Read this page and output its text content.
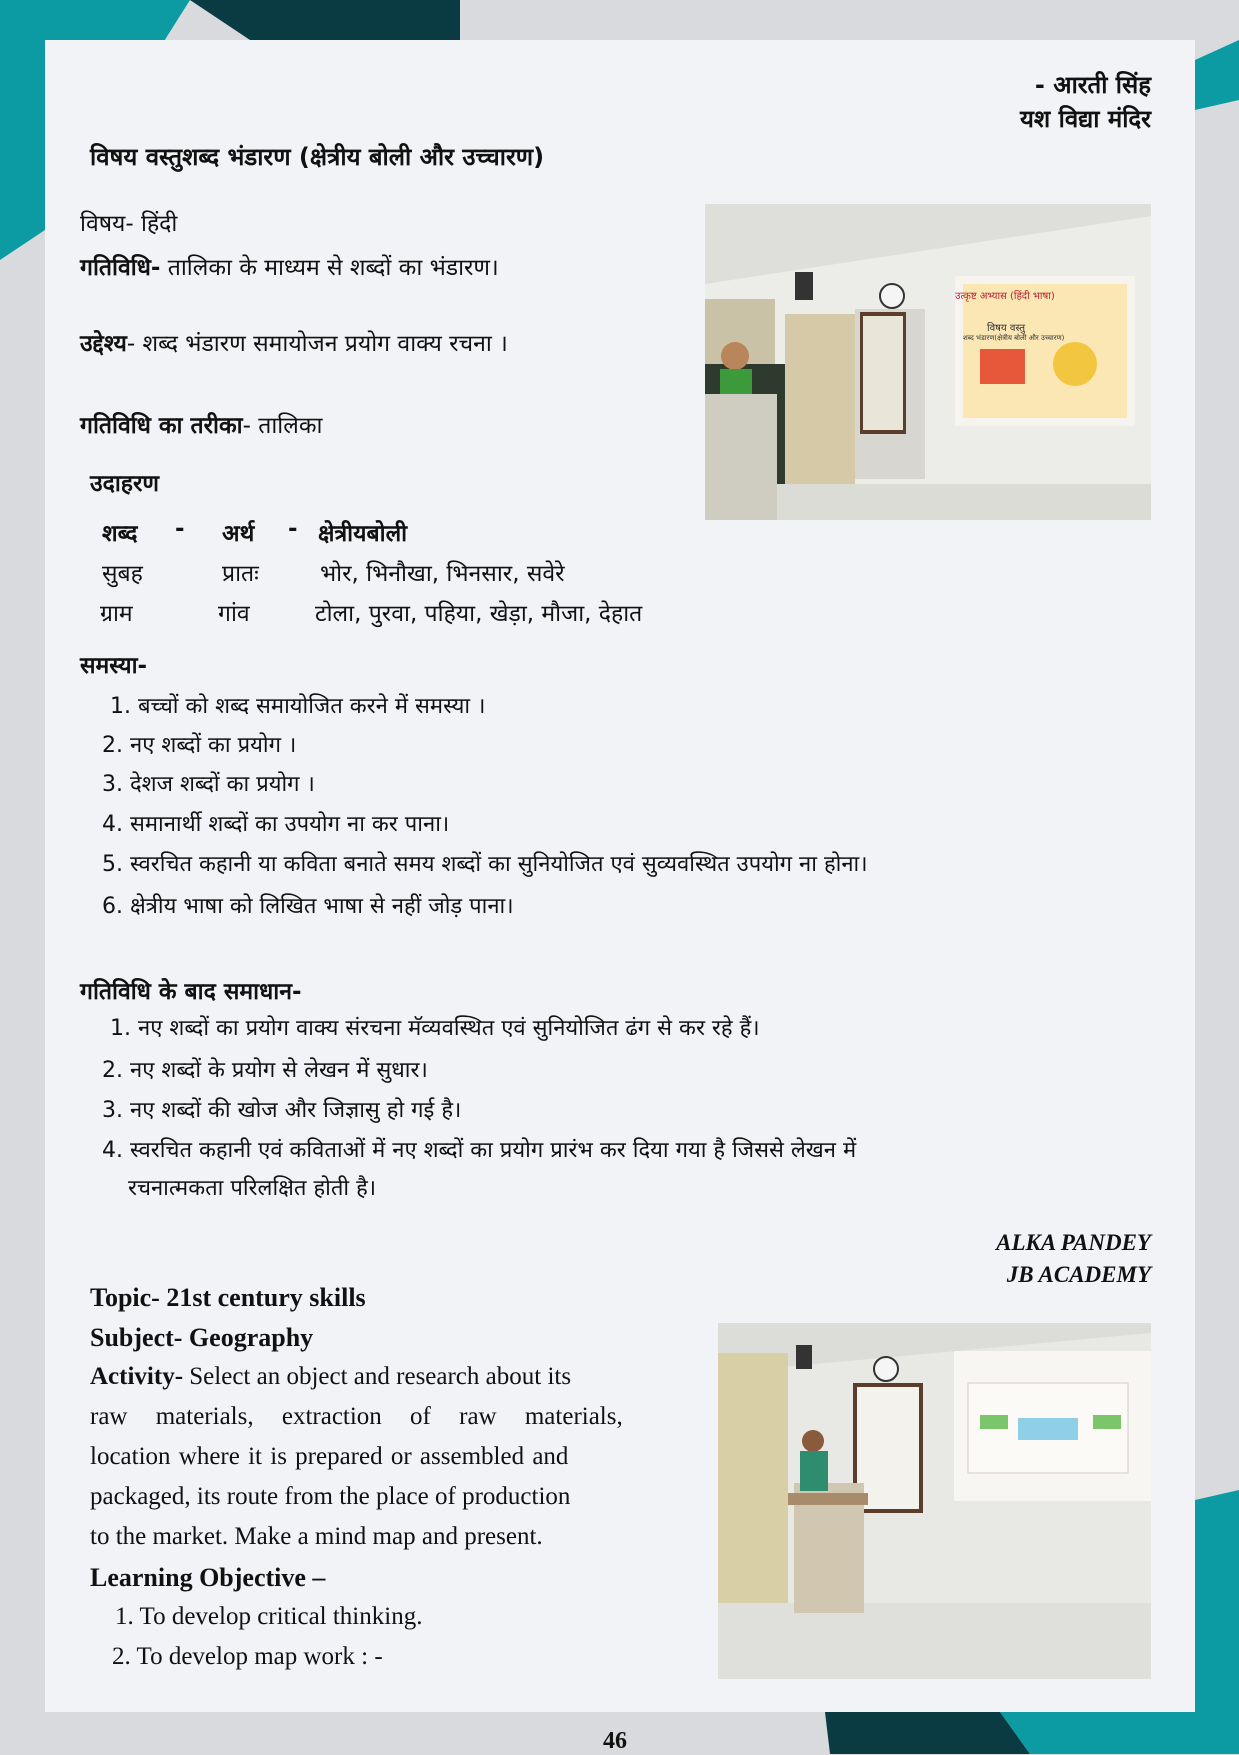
- आरती सिंह
यश विद्या मंदिर
विषय वस्तुशब्द भंडारण (क्षेत्रीय बोली और उच्चारण)
विषय- हिंदी
गतिविधि- तालिका के माध्यम से शब्दों का भंडारण।
उद्देश्य- शब्द भंडारण समायोजन प्रयोग वाक्य रचना ।
गतिविधि का तरीका- तालिका
उदाहरण
शब्द - अर्थ - क्षेत्रीयबोली
सुबह	प्रातः	भोर, भिनौखा, भिनसार, सवेरे
ग्राम	गांव	टोला, पुरवा, पहिया, खेड़ा, मौजा, देहात
समस्या-
1. बच्चों को शब्द समायोजित करने में समस्या ।
2. नए शब्दों का प्रयोग ।
3. देशज शब्दों का प्रयोग ।
4. समानार्थी शब्दों का उपयोग ना कर पाना।
5. स्वरचित कहानी या कविता बनाते समय शब्दों का सुनियोजित एवं सुव्यवस्थित उपयोग ना होना।
6. क्षेत्रीय भाषा को लिखित भाषा से नहीं जोड़ पाना।
गतिविधि के बाद समाधान-
1. नए शब्दों का प्रयोग वाक्य संरचना मॅव्यवस्थित एवं सुनियोजित ढंग से कर रहे हैं।
2. नए शब्दों के प्रयोग से लेखन में सुधार।
3. नए शब्दों की खोज और जिज्ञासु हो गई है।
4. स्वरचित कहानी एवं कविताओं में नए शब्दों का प्रयोग प्रारंभ कर दिया गया है जिससे लेखन में
रचनात्मकता परिलक्षित होती है।
उत्कृष्ट अभ्यास (हिंदी भाषा)
विषय वस्तु
शब्द भंडारण(क्षेत्रीय बोली और उच्चारण)
ALKA PANDEY
JB ACADEMY
Topic- 21st century skills
Subject- Geography
Activity- Select an object and research about its
raw materials, extraction of raw materials,
location where it is prepared or assembled and
packaged, its route from the place of production
to the market. Make a mind map and present.
Learning Objective –
1. To develop critical thinking.
2. To develop map work : -
46
